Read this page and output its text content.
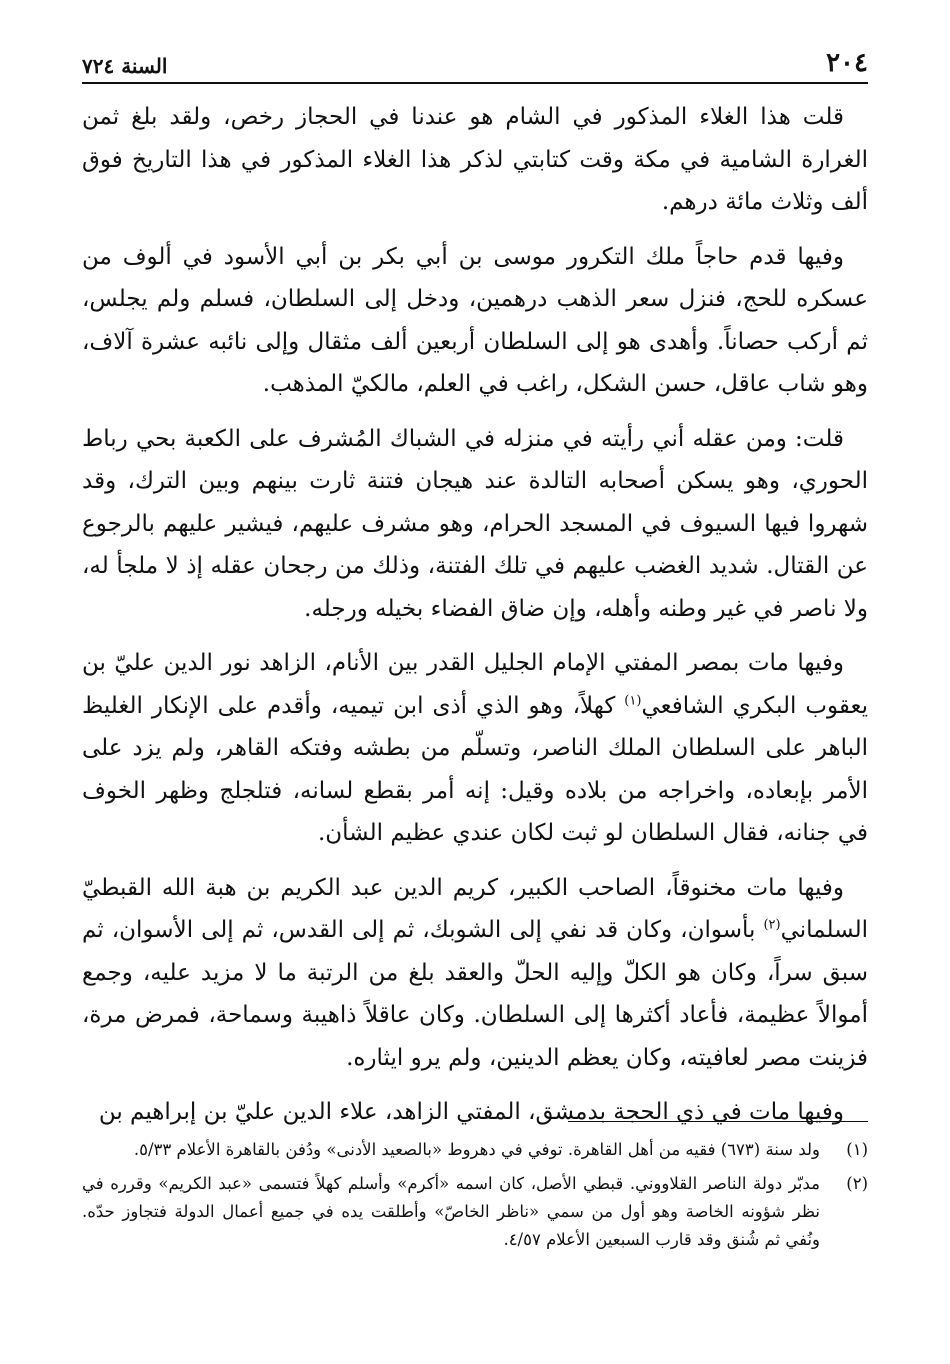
٢٠٤
السنة ٧٢٤

قلت هذا الغلاء المذكور في الشام هو عندنا في الحجاز رخص، ولقد بلغ ثمن الغرارة الشامية في مكة وقت كتابتي لذكر هذا الغلاء المذكور في هذا التاريخ فوق ألف وثلاث مائة درهم.

وفيها قدم حاجاً ملك التكرور موسى بن أبي بكر بن أبي الأسود في ألوف من عسكره للحج، فنزل سعر الذهب درهمين، ودخل إلى السلطان، فسلم ولم يجلس، ثم أركب حصاناً. وأهدى هو إلى السلطان أربعين ألف مثقال وإلى نائبه عشرة آلاف، وهو شاب عاقل، حسن الشكل، راغب في العلم، مالكيّ المذهب.

قلت: ومن عقله أني رأيته في منزله في الشباك المُشرف على الكعبة بحي رباط الحوري، وهو يسكن أصحابه التالدة عند هيجان فتنة ثارت بينهم وبين الترك، وقد شهروا فيها السيوف في المسجد الحرام، وهو مشرف عليهم، فيشير عليهم بالرجوع عن القتال. شديد الغضب عليهم في تلك الفتنة، وذلك من رجحان عقله إذ لا ملجأ له، ولا ناصر في غير وطنه وأهله، وإن ضاق الفضاء بخيله ورجله.

وفيها مات بمصر المفتي الإمام الجليل القدر بين الأنام، الزاهد نور الدين عليّ بن يعقوب البكري الشافعي$^{(١)}$ كهلاً، وهو الذي أذى ابن تيميه، وأقدم على الإنكار الغليظ الباهر على السلطان الملك الناصر، وتسلّم من بطشه وفتكه القاهر، ولم يزد على الأمر بإبعاده، واخراجه من بلاده وقيل: إنه أمر بقطع لسانه، فتلجلج وظهر الخوف في جنانه، فقال السلطان لو ثبت لكان عندي عظيم الشأن.

وفيها مات مخنوقاً، الصاحب الكبير، كريم الدين عبد الكريم بن هبة الله القبطيّ السلماني$^{(٢)}$ بأسوان، وكان قد نفي إلى الشوبك، ثم إلى القدس، ثم إلى الأسوان، ثم سبق سراً، وكان هو الكلّ وإليه الحلّ والعقد بلغ من الرتبة ما لا مزيد عليه، وجمع أموالاً عظيمة، فأعاد أكثرها إلى السلطان. وكان عاقلاً ذاهيبة وسماحة، فمرض مرة، فزينت مصر لعافيته، وكان يعظم الدينين، ولم يرو ايثاره.

وفيها مات في ذي الحجة بدمشق، المفتي الزاهد، علاء الدين عليّ بن إبراهيم بن

(١)
ولد سنة (٦٧٣) فقيه من أهل القاهرة. توفي في دهروط «بالصعيد الأدنى» ودُفن بالقاهرة الأعلام ٥/٣٣.
(٢)
مدبّر دولة الناصر القلاووني. قبطي الأصل، كان اسمه «أكرم» وأسلم كهلاً فتسمى «عبد الكريم» وقرره في نظر شؤونه الخاصة وهو أول من سمي «ناظر الخاصّ» وأطلقت يده في جميع أعمال الدولة فتجاوز حدّه. ونُفي ثم شُنق وقد قارب السبعين الأعلام ٤/٥٧.
